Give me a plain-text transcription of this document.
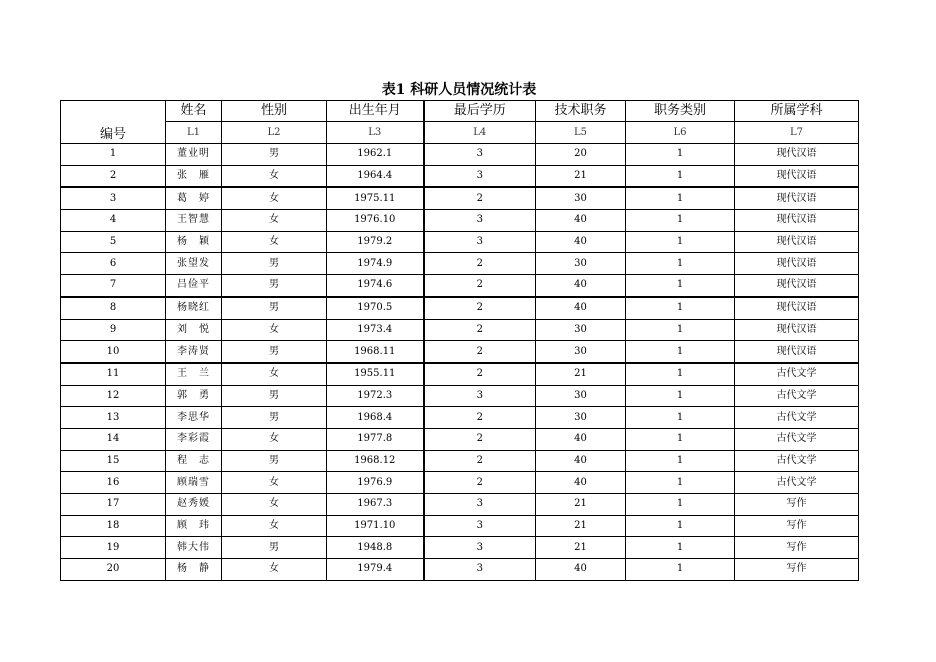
表1 科研人员情况统计表
编号	姓名	性别	出生年月	最后学历	技术职务	职务类别	所属学科
	L1	L2	L3	L4	L5	L6	L7
1	董业明	男	1962.1	3	20	1	现代汉语
2	张　雁	女	1964.4	3	21	1	现代汉语
3	葛　婷	女	1975.11	2	30	1	现代汉语
4	王智慧	女	1976.10	3	40	1	现代汉语
5	杨　颖	女	1979.2	3	40	1	现代汉语
6	张望发	男	1974.9	2	30	1	现代汉语
7	吕俭平	男	1974.6	2	40	1	现代汉语
8	杨晓红	男	1970.5	2	40	1	现代汉语
9	刘　悦	女	1973.4	2	30	1	现代汉语
10	李涛贤	男	1968.11	2	30	1	现代汉语
11	王　兰	女	1955.11	2	21	1	古代文学
12	郭　勇	男	1972.3	3	30	1	古代文学
13	李思华	男	1968.4	2	30	1	古代文学
14	李彩霞	女	1977.8	2	40	1	古代文学
15	程　志	男	1968.12	2	40	1	古代文学
16	顾瑞雪	女	1976.9	2	40	1	古代文学
17	赵秀媛	女	1967.3	3	21	1	写作
18	顾　玮	女	1971.10	3	21	1	写作
19	韩大伟	男	1948.8	3	21	1	写作
20	杨　静	女	1979.4	3	40	1	写作
